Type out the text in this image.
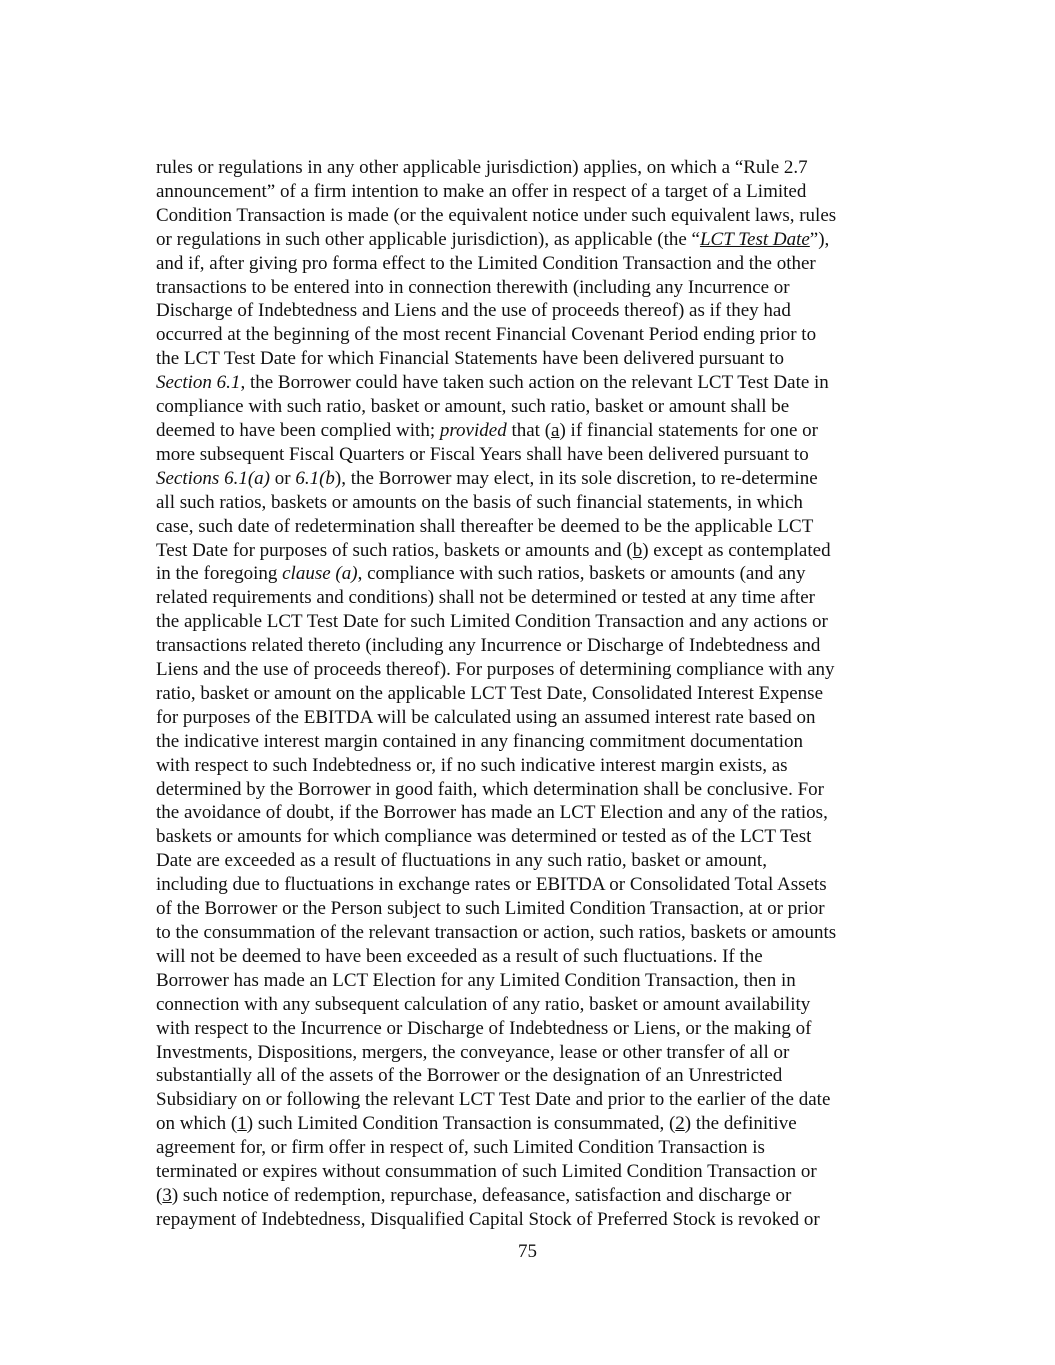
rules or regulations in any other applicable jurisdiction) applies, on which a “Rule 2.7
announcement” of a firm intention to make an offer in respect of a target of a Limited
Condition Transaction is made (or the equivalent notice under such equivalent laws, rules
or regulations in such other applicable jurisdiction), as applicable (the “LCT Test Date”),
and if, after giving pro forma effect to the Limited Condition Transaction and the other
transactions to be entered into in connection therewith (including any Incurrence or
Discharge of Indebtedness and Liens and the use of proceeds thereof) as if they had
occurred at the beginning of the most recent Financial Covenant Period ending prior to
the LCT Test Date for which Financial Statements have been delivered pursuant to
Section 6.1, the Borrower could have taken such action on the relevant LCT Test Date in
compliance with such ratio, basket or amount, such ratio, basket or amount shall be
deemed to have been complied with; provided that (a) if financial statements for one or
more subsequent Fiscal Quarters or Fiscal Years shall have been delivered pursuant to
Sections 6.1(a) or 6.1(b), the Borrower may elect, in its sole discretion, to re-determine
all such ratios, baskets or amounts on the basis of such financial statements, in which
case, such date of redetermination shall thereafter be deemed to be the applicable LCT
Test Date for purposes of such ratios, baskets or amounts and (b) except as contemplated
in the foregoing clause (a), compliance with such ratios, baskets or amounts (and any
related requirements and conditions) shall not be determined or tested at any time after
the applicable LCT Test Date for such Limited Condition Transaction and any actions or
transactions related thereto (including any Incurrence or Discharge of Indebtedness and
Liens and the use of proceeds thereof). For purposes of determining compliance with any
ratio, basket or amount on the applicable LCT Test Date, Consolidated Interest Expense
for purposes of the EBITDA will be calculated using an assumed interest rate based on
the indicative interest margin contained in any financing commitment documentation
with respect to such Indebtedness or, if no such indicative interest margin exists, as
determined by the Borrower in good faith, which determination shall be conclusive. For
the avoidance of doubt, if the Borrower has made an LCT Election and any of the ratios,
baskets or amounts for which compliance was determined or tested as of the LCT Test
Date are exceeded as a result of fluctuations in any such ratio, basket or amount,
including due to fluctuations in exchange rates or EBITDA or Consolidated Total Assets
of the Borrower or the Person subject to such Limited Condition Transaction, at or prior
to the consummation of the relevant transaction or action, such ratios, baskets or amounts
will not be deemed to have been exceeded as a result of such fluctuations. If the
Borrower has made an LCT Election for any Limited Condition Transaction, then in
connection with any subsequent calculation of any ratio, basket or amount availability
with respect to the Incurrence or Discharge of Indebtedness or Liens, or the making of
Investments, Dispositions, mergers, the conveyance, lease or other transfer of all or
substantially all of the assets of the Borrower or the designation of an Unrestricted
Subsidiary on or following the relevant LCT Test Date and prior to the earlier of the date
on which (1) such Limited Condition Transaction is consummated, (2) the definitive
agreement for, or firm offer in respect of, such Limited Condition Transaction is
terminated or expires without consummation of such Limited Condition Transaction or
(3) such notice of redemption, repurchase, defeasance, satisfaction and discharge or
repayment of Indebtedness, Disqualified Capital Stock of Preferred Stock is revoked or
75
